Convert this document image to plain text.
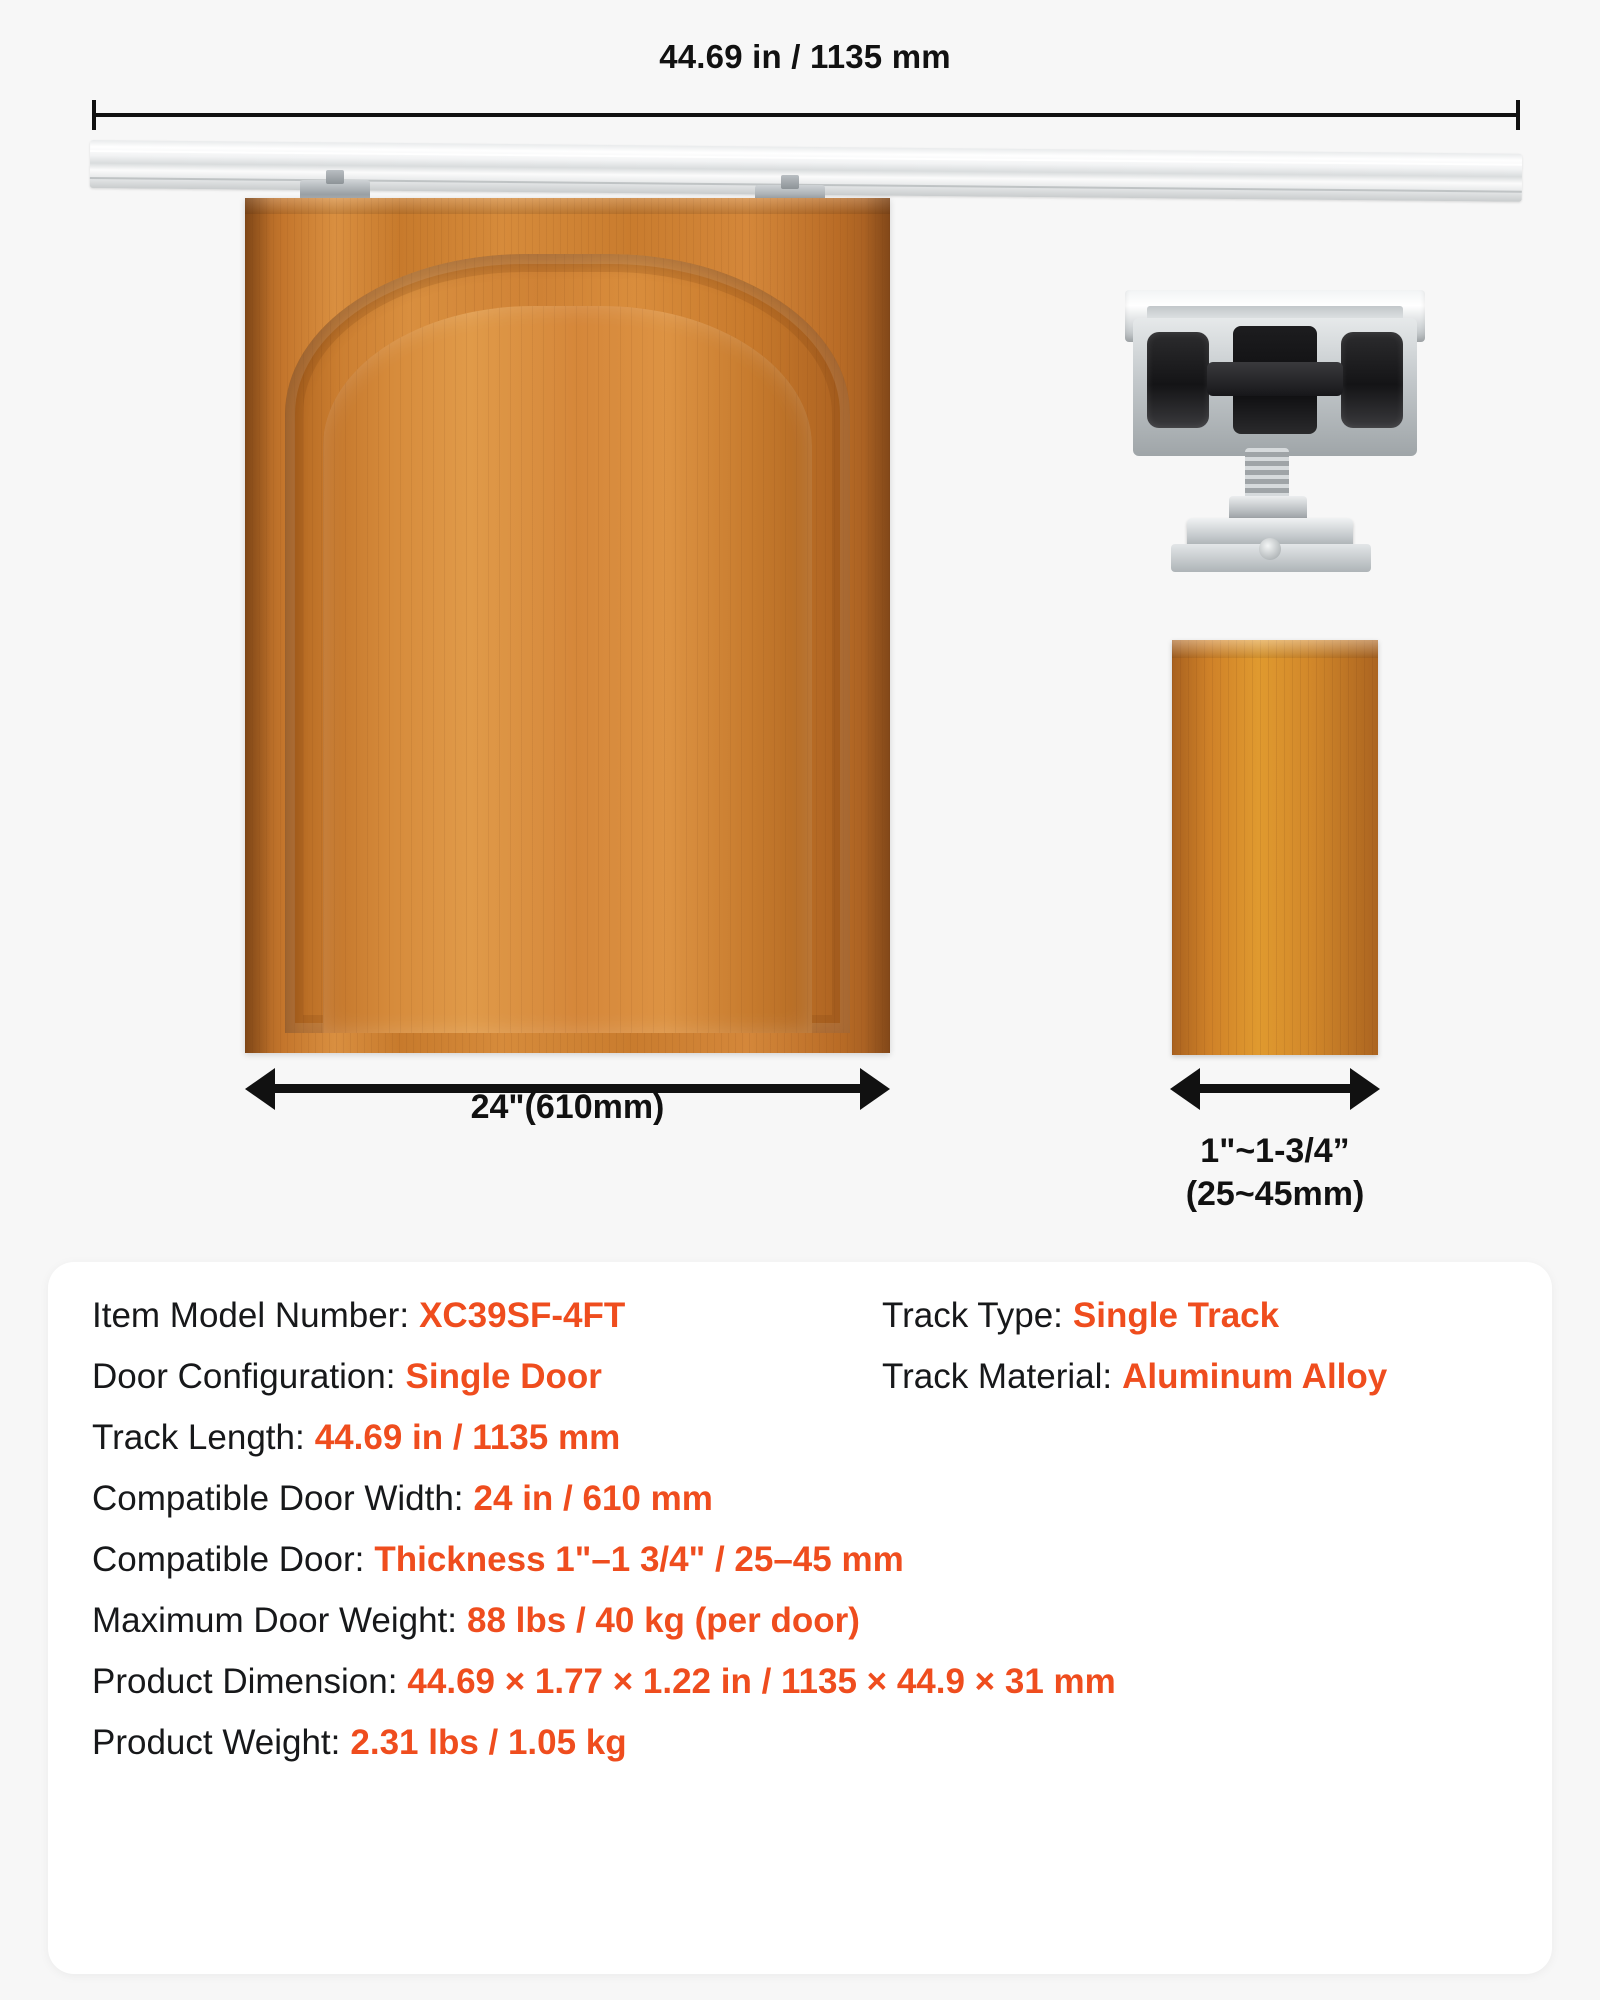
44.69 in / 1135 mm
24"(610mm)
1"~1-3/4”
(25~45mm)
Item Model Number: XC39SF-4FT	Track Type: Single Track
Door Configuration: Single Door	Track Material: Aluminum Alloy
Track Length: 44.69 in / 1135 mm
Compatible Door Width: 24 in / 610 mm
Compatible Door: Thickness 1"–1 3/4" / 25–45 mm
Maximum Door Weight: 88 lbs / 40 kg (per door)
Product Dimension: 44.69 × 1.77 × 1.22 in / 1135 × 44.9 × 31 mm
Product Weight: 2.31 lbs / 1.05 kg
